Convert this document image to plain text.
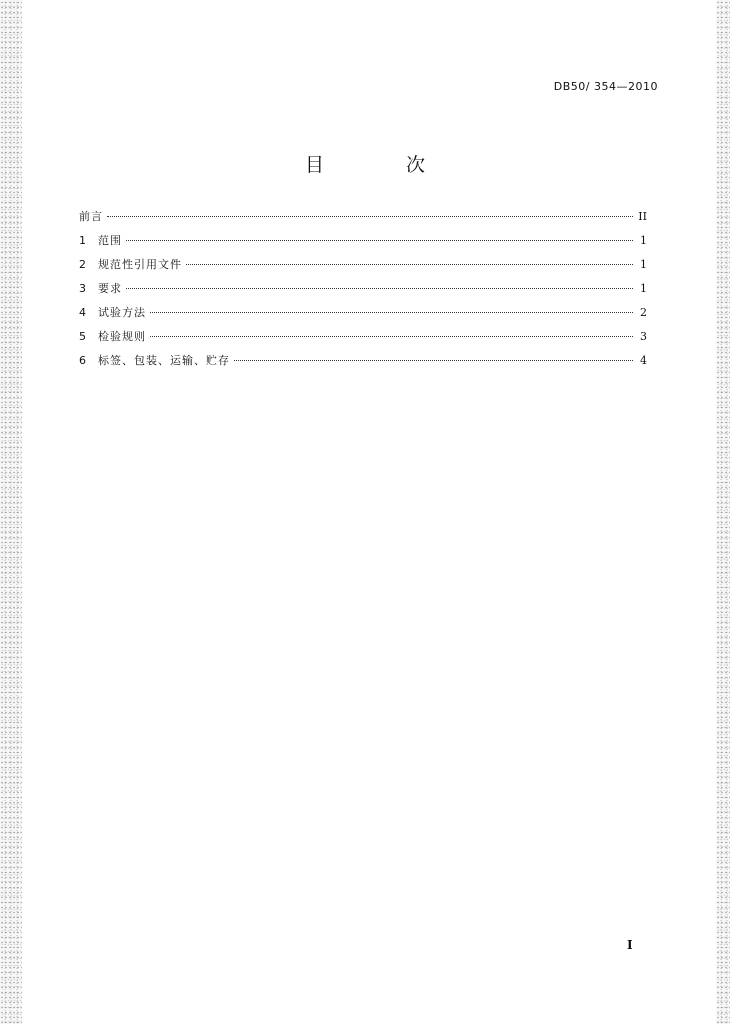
DB50/ 354—2010
目 次
前言	II
1	范围	1
2	规范性引用文件	1
3	要求	1
4	试验方法	2
5	检验规则	3
6	标签、包装、运输、贮存	4
I
